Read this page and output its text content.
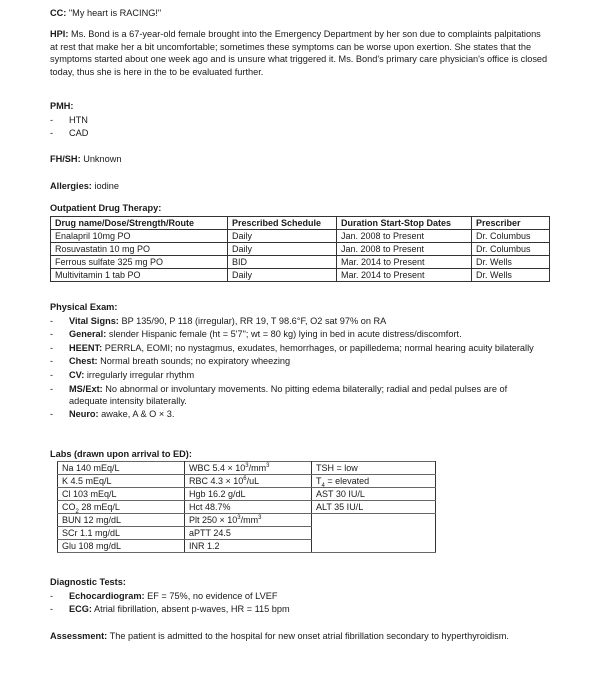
CC: "My heart is RACING!"
HPI: Ms. Bond is a 67-year-old female brought into the Emergency Department by her son due to complaints palpitations at rest that make her a bit uncomfortable; sometimes these symptoms can be worse upon exertion. She states that the symptoms started about one week ago and is unsure what triggered it. Ms. Bond's primary care physician's office is closed today, thus she is here in the to be evaluated further.
PMH:
- HTN
- CAD
FH/SH: Unknown
Allergies: iodine
Outpatient Drug Therapy:
Drug name/Dose/Strength/Route	Prescribed Schedule	Duration Start-Stop Dates	Prescriber
Enalapril 10mg PO	Daily	Jan. 2008 to Present	Dr. Columbus
Rosuvastatin 10 mg PO	Daily	Jan. 2008 to Present	Dr. Columbus
Ferrous sulfate 325 mg PO	BID	Mar. 2014 to Present	Dr. Wells
Multivitamin 1 tab PO	Daily	Mar. 2014 to Present	Dr. Wells
Physical Exam:
- Vital Signs: BP 135/90, P 118 (irregular), RR 19, T 98.6°F, O2 sat 97% on RA
- General: slender Hispanic female (ht = 5'7"; wt = 80 kg) lying in bed in acute distress/discomfort.
- HEENT: PERRLA, EOMI; no nystagmus, exudates, hemorrhages, or papilledema; normal hearing acuity bilaterally
- Chest: Normal breath sounds; no expiratory wheezing
- CV: irregularly irregular rhythm
- MS/Ext: No abnormal or involuntary movements. No pitting edema bilaterally; radial and pedal pulses are of adequate intensity bilaterally.
- Neuro: awake, A & O × 3.
Labs (drawn upon arrival to ED):
Na 140 mEq/L	WBC $5.4 \times 10^3/mm^3$	TSH = low
K 4.5 mEq/L	RBC $4.3 \times 10^6/uL$	$T_4$ = elevated
Cl 103 mEq/L	Hgb 16.2 g/dL	AST 30 IU/L
$CO_2$ 28 mEq/L	Hct 48.7%	ALT 35 IU/L
BUN 12 mg/dL	Plt $250 \times 10^3/mm^3$	
SCr 1.1 mg/dL	aPTT 24.5	
Glu 108 mg/dL	INR 1.2	
Diagnostic Tests:
- Echocardiogram: EF = 75%, no evidence of LVEF
- ECG: Atrial fibrillation, absent p-waves, HR = 115 bpm
Assessment: The patient is admitted to the hospital for new onset atrial fibrillation secondary to hyperthyroidism.
